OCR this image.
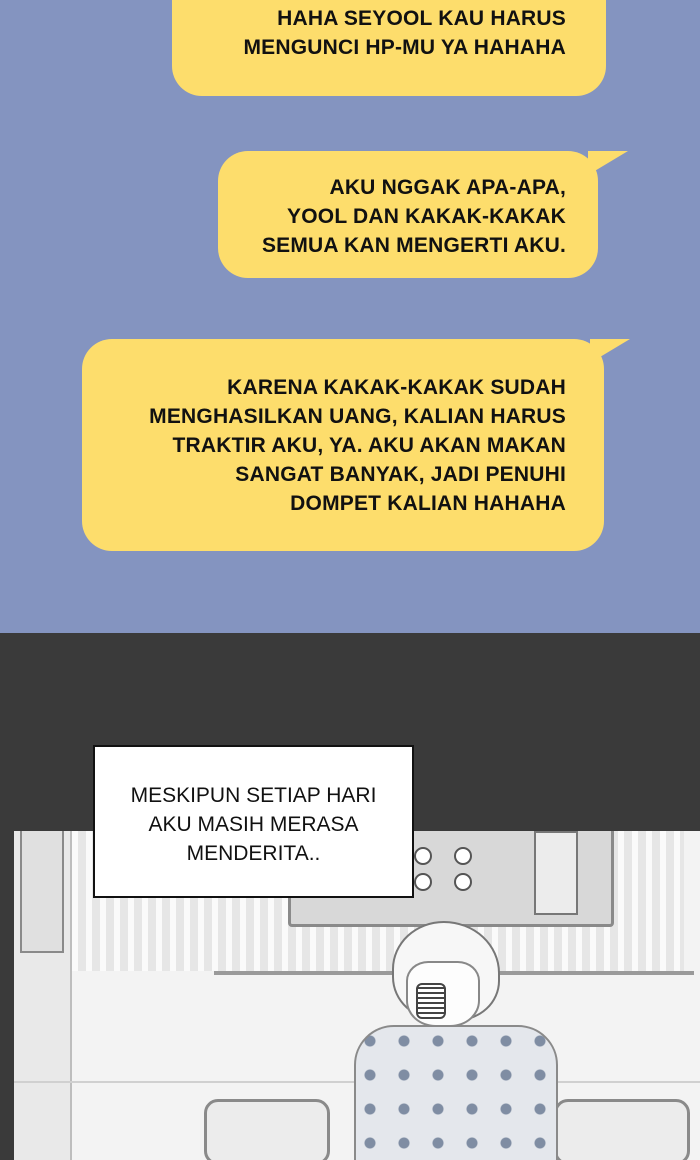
HAHA SEYOOL KAU HARUS
MENGUNCI HP-MU YA HAHAHA
AKU NGGAK APA-APA,
YOOL DAN KAKAK-KAKAK
SEMUA KAN MENGERTI AKU.
KARENA KAKAK-KAKAK SUDAH
MENGHASILKAN UANG, KALIAN HARUS
TRAKTIR AKU, YA. AKU AKAN MAKAN
SANGAT BANYAK, JADI PENUHI
DOMPET KALIAN HAHAHA
MESKIPUN SETIAP HARI
AKU MASIH MERASA
MENDERITA..
